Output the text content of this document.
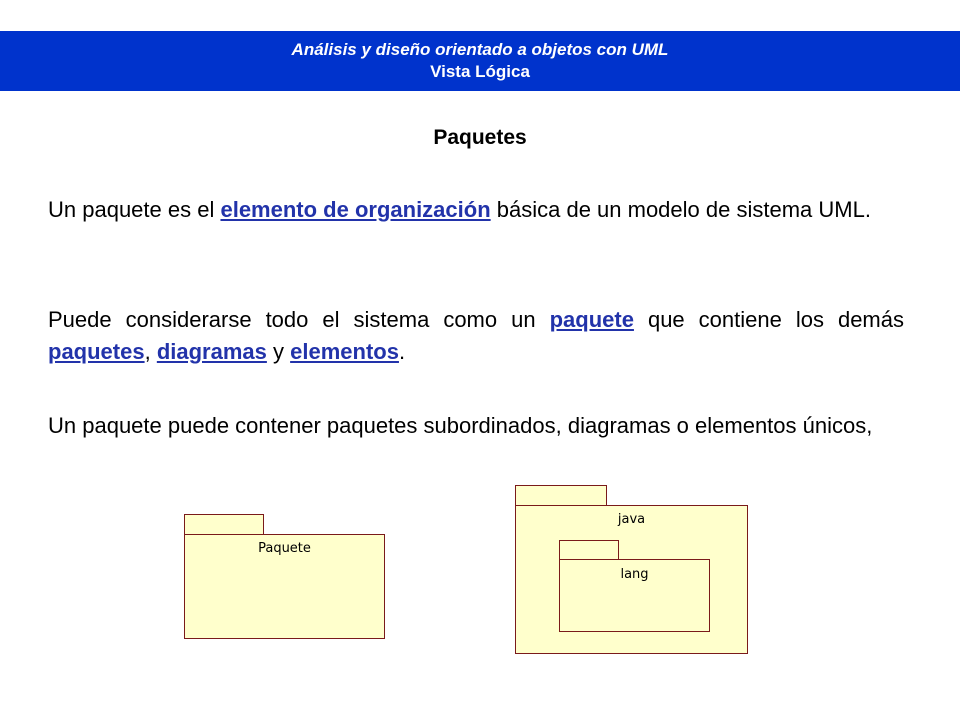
Análisis y diseño orientado a objetos con UML
Vista Lógica
Paquetes
Un paquete es el elemento de organización básica de un modelo de sistema UML.
Puede considerarse todo el sistema como un paquete que contiene los demás paquetes, diagramas y elementos.
Un paquete puede contener paquetes subordinados, diagramas o elementos únicos,
Paquete
java
lang
